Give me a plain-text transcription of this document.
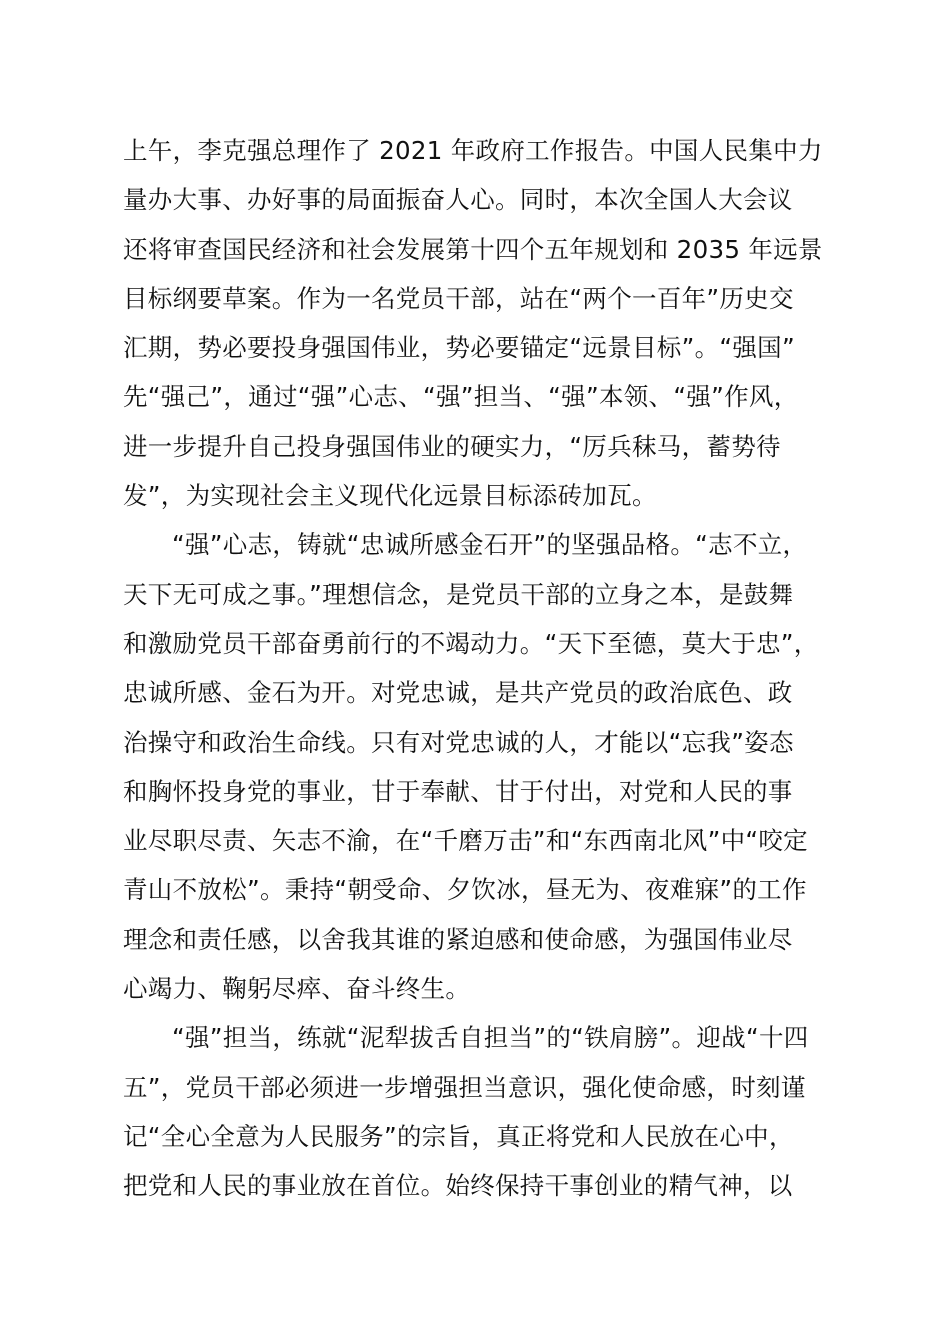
上午，李克强总理作了 2021 年政府工作报告。中国人民集中力
量办大事、办好事的局面振奋人心。同时，本次全国人大会议
还将审查国民经济和社会发展第十四个五年规划和 2035 年远景
目标纲要草案。作为一名党员干部，站在“两个一百年”历史交
汇期，势必要投身强国伟业，势必要锚定“远景目标”。“强国”
先“强己”，通过“强”心志、“强”担当、“强”本领、“强”作风，
进一步提升自己投身强国伟业的硬实力，“厉兵秣马，蓄势待
发”，为实现社会主义现代化远景目标添砖加瓦。
“强”心志，铸就“忠诚所感金石开”的坚强品格。“志不立，
天下无可成之事。”理想信念，是党员干部的立身之本，是鼓舞
和激励党员干部奋勇前行的不竭动力。“天下至德，莫大于忠”，
忠诚所感、金石为开。对党忠诚，是共产党员的政治底色、政
治操守和政治生命线。只有对党忠诚的人，才能以“忘我”姿态
和胸怀投身党的事业，甘于奉献、甘于付出，对党和人民的事
业尽职尽责、矢志不渝，在“千磨万击”和“东西南北风”中“咬定
青山不放松”。秉持“朝受命、夕饮冰，昼无为、夜难寐”的工作
理念和责任感，以舍我其谁的紧迫感和使命感，为强国伟业尽
心竭力、鞠躬尽瘁、奋斗终生。
“强”担当，练就“泥犁拔舌自担当”的“铁肩膀”。迎战“十四
五”，党员干部必须进一步增强担当意识，强化使命感，时刻谨
记“全心全意为人民服务”的宗旨，真正将党和人民放在心中，
把党和人民的事业放在首位。始终保持干事创业的精气神，以
